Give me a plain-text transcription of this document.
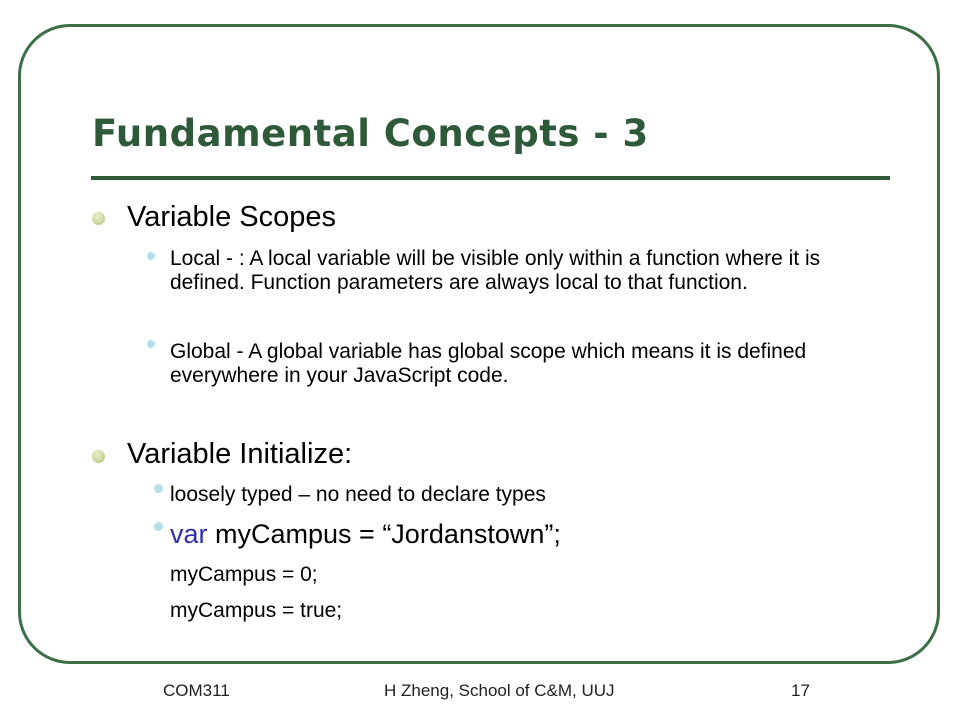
Fundamental Concepts - 3
Variable Scopes
Local - : A local variable will be visible only within a function where it is defined. Function parameters are always local to that function.
Global - A global variable has global scope which means it is defined everywhere in your JavaScript code.
Variable Initialize:
loosely typed – no need to declare types
var myCampus = “Jordanstown”;
myCampus = 0;
myCampus = true;
COM311	H Zheng, School of C&M, UUJ	17
